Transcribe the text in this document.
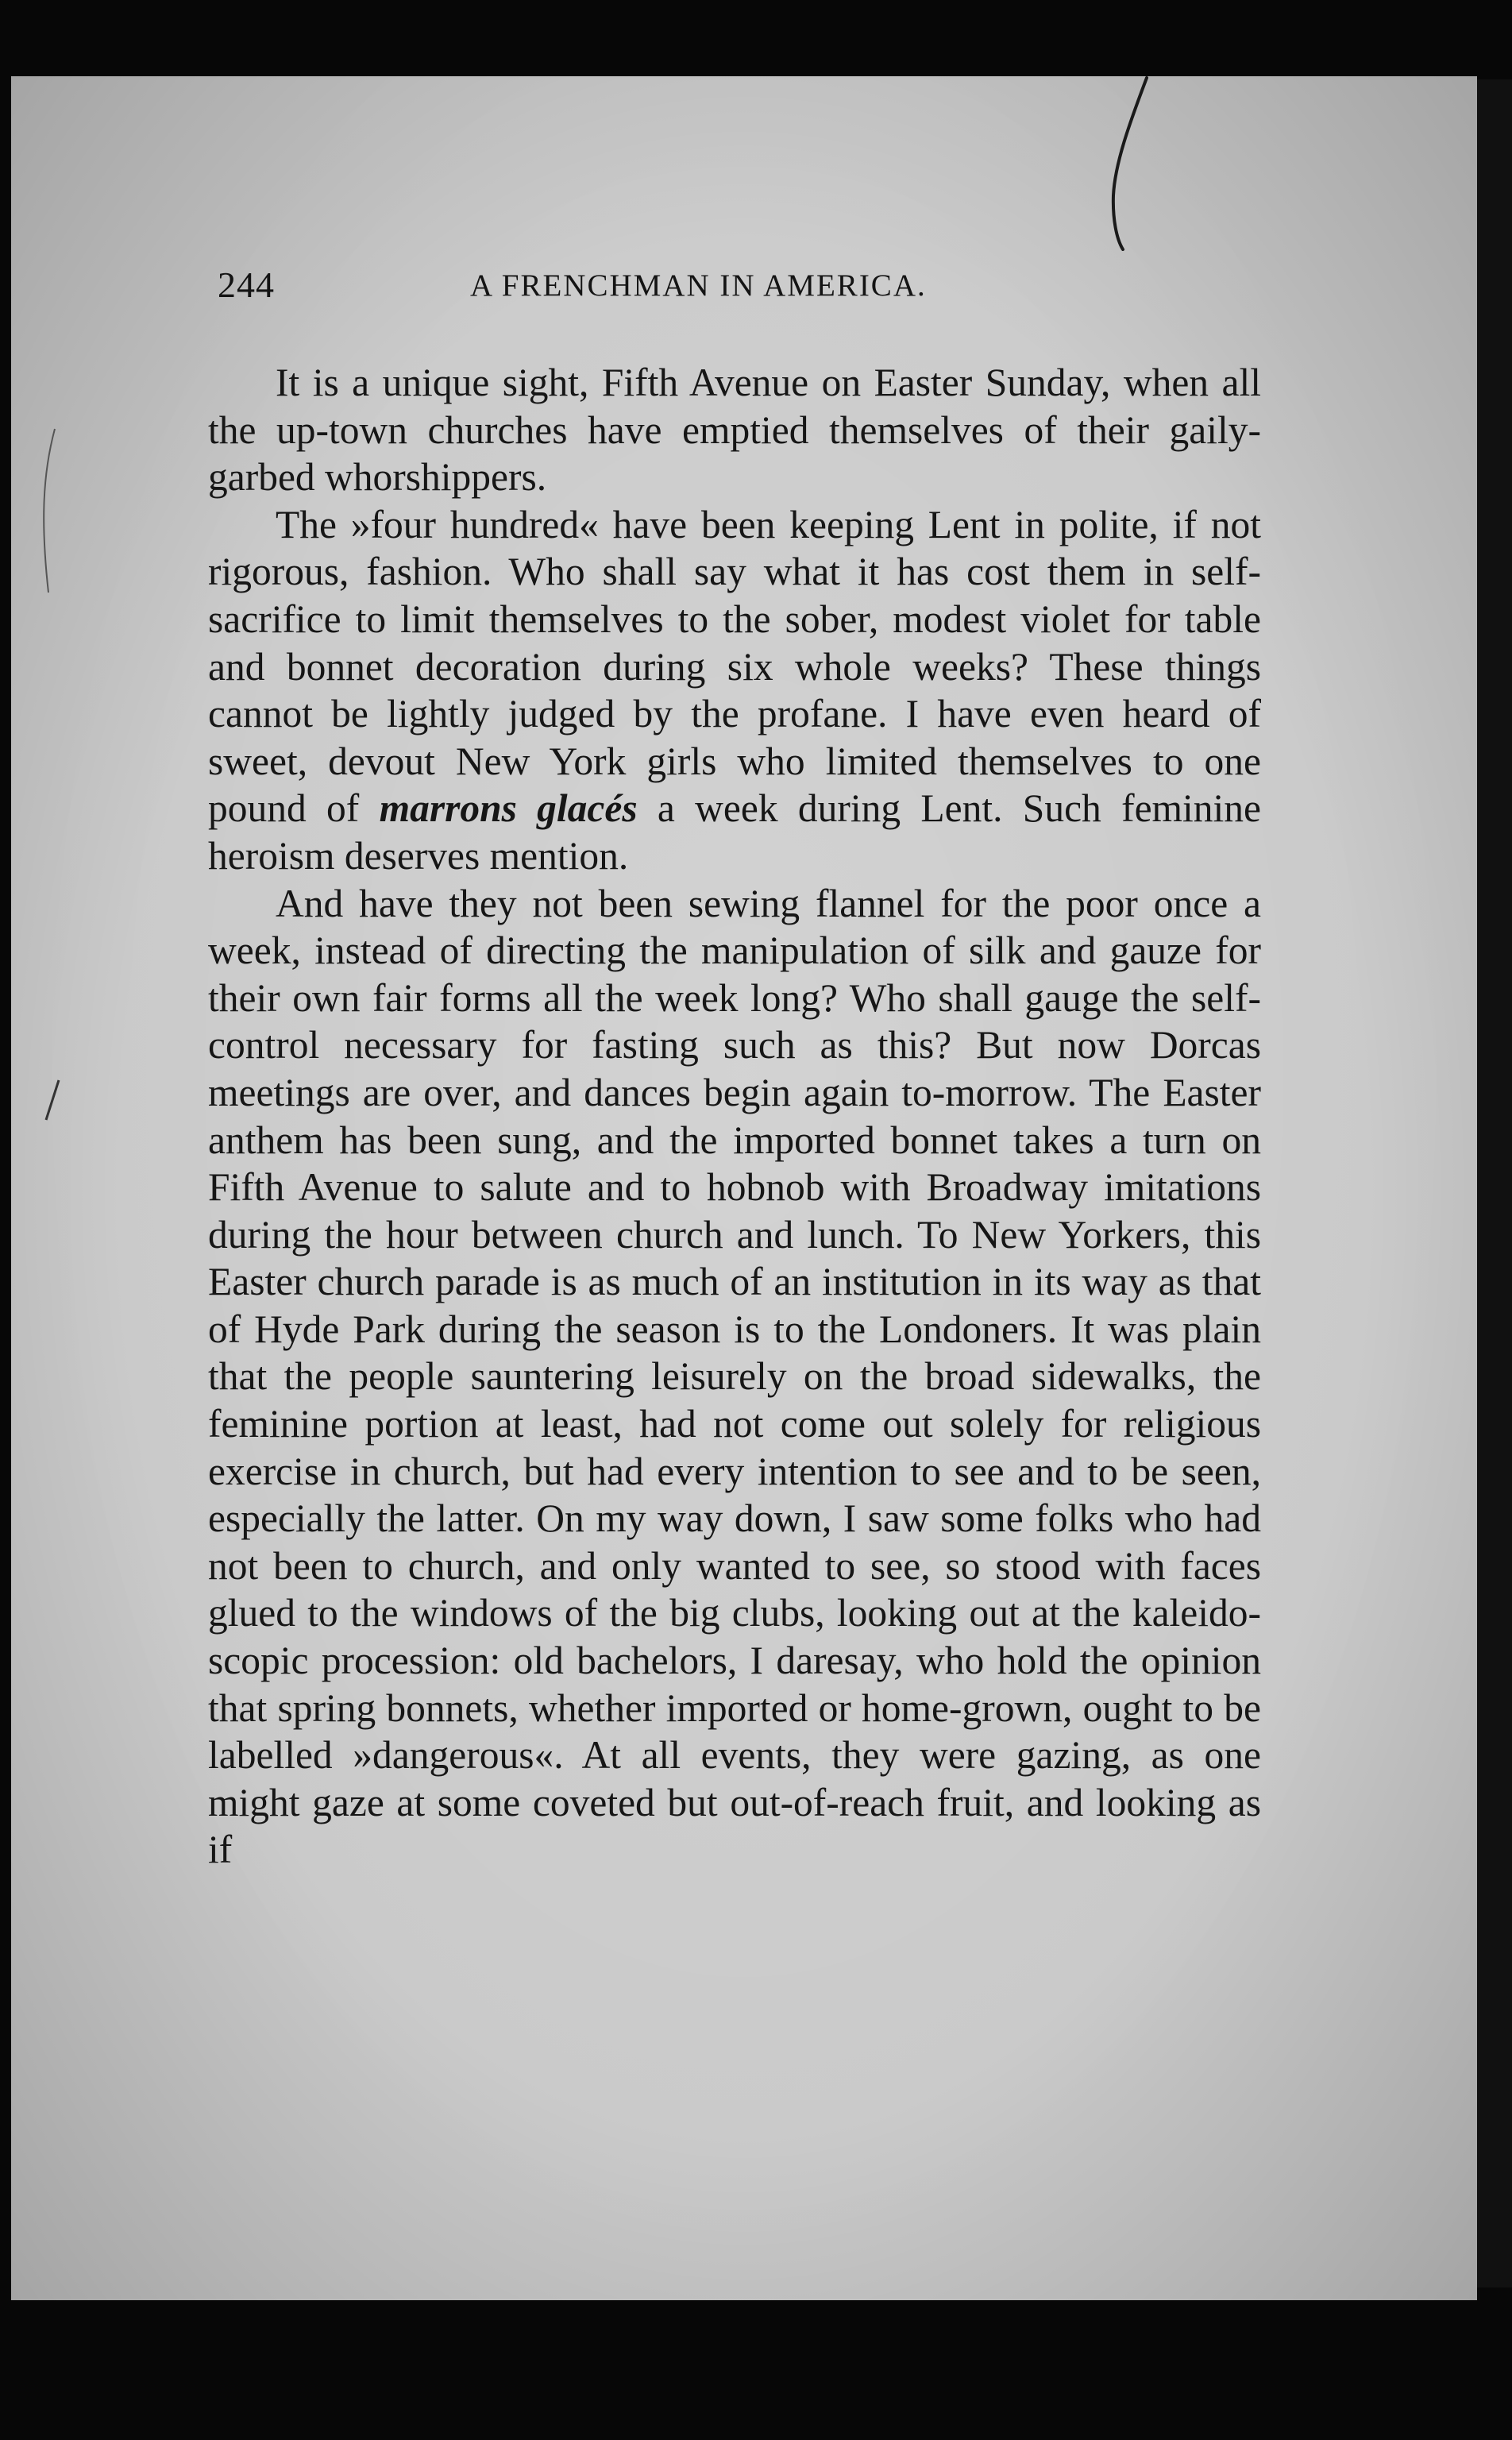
244	A FRENCHMAN IN AMERICA.

It is a unique sight, Fifth Avenue on Easter Sunday, when all the up-town churches have emptied themselves of their gaily-garbed whorshippers.

The »four hundred« have been keeping Lent in polite, if not rigorous, fashion. Who shall say what it has cost them in self-sacrifice to limit themselves to the sober, modest violet for table and bonnet decoration during six whole weeks? These things cannot be lightly judged by the profane. I have even heard of sweet, devout New York girls who limited themselves to one pound of marrons glacés a week during Lent. Such feminine heroism deserves mention.

And have they not been sewing flannel for the poor once a week, instead of directing the manipulation of silk and gauze for their own fair forms all the week long? Who shall gauge the self-control necessary for fasting such as this? But now Dorcas meetings are over, and dances begin again to-morrow. The Easter anthem has been sung, and the imported bonnet takes a turn on Fifth Avenue to salute and to hobnob with Broadway imitations during the hour between church and lunch. To New Yorkers, this Easter church parade is as much of an institution in its way as that of Hyde Park during the season is to the Londoners. It was plain that the people sauntering leisurely on the broad sidewalks, the feminine portion at least, had not come out solely for religious exercise in church, but had every intention to see and to be seen, especially the latter. On my way down, I saw some folks who had not been to church, and only wanted to see, so stood with faces glued to the windows of the big clubs, looking out at the kaleidoscopic procession: old bachelors, I daresay, who hold the opinion that spring bonnets, whether imported or home-grown, ought to be labelled »dangerous«. At all events, they were gazing, as one might gaze at some coveted but out-of-reach fruit, and looking as if
